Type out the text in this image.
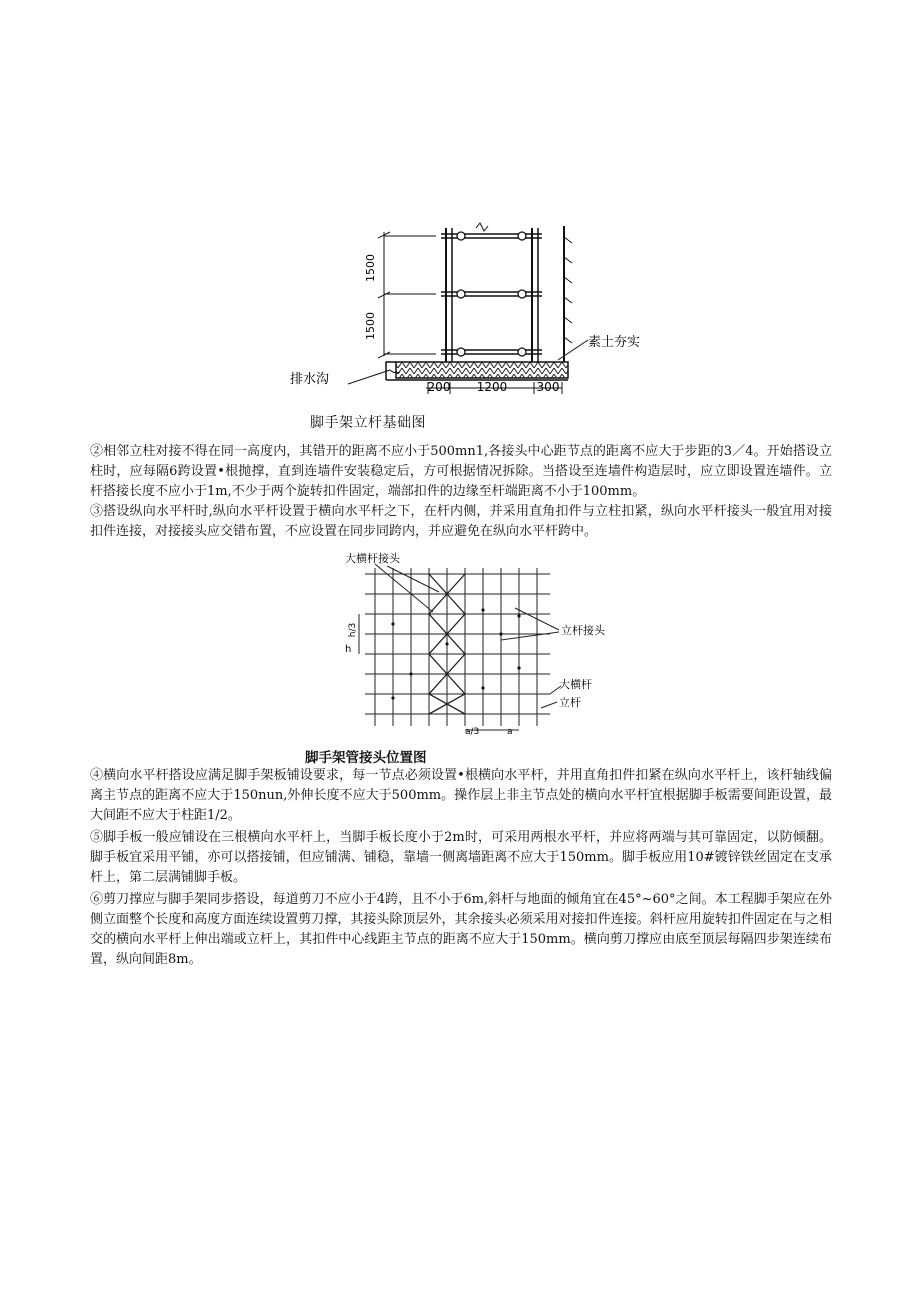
1500
1500
排水沟
素土夯实
200 1200 300
脚手架立杆基础图

②相邻立柱对接不得在同一高度内，其错开的距离不应小于500mn1,各接头中心距节点的距离不应大于步距的3／4。开始搭设立柱时，应每隔6跨设置•根抛撑，直到连墙件安装稳定后，方可根据情况拆除。当搭设至连墙件构造层时，应立即设置连墙件。立杆搭接长度不应小于1m,不少于两个旋转扣件固定，端部扣件的边缘至杆端距离不小于100mm。

③搭设纵向水平杆时,纵向水平杆设置于横向水平杆之下，在杆内侧，并采用直角扣件与立柱扣紧，纵向水平杆接头一般宜用对接扣件连接，对接接头应交错布置，不应设置在同步同跨内，并应避免在纵向水平杆跨中。

大横杆接头
立杆接头
大横杆
立杆
h
h/3
a/3	a
脚手架管接头位置图

④横向水平杆搭设应满足脚手架板铺设要求，每一节点必须设置•根横向水平杆，并用直角扣件扣紧在纵向水平杆上，该杆轴线偏离主节点的距离不应大于150nun,外伸长度不应大于500mm。操作层上非主节点处的横向水平杆宜根据脚手板需要间距设置，最大间距不应大于柱距1/2。

⑤脚手板一般应铺设在三根横向水平杆上，当脚手板长度小于2m时，可采用两根水平杆，并应将两端与其可靠固定，以防倾翻。脚手板宜采用平铺，亦可以搭接铺，但应铺满、铺稳，靠墙一侧离墙距离不应大于150mm。脚手板应用10#镀锌铁丝固定在支承杆上，第二层满铺脚手板。

⑥剪刀撑应与脚手架同步搭设，每道剪刀不应小于4跨，且不小于6m,斜杆与地面的倾角宜在45°~60°之间。本工程脚手架应在外侧立面整个长度和高度方面连续设置剪刀撑，其接头除顶层外，其余接头必须采用对接扣件连接。斜杆应用旋转扣件固定在与之相交的横向水平杆上伸出端或立杆上，其扣件中心线距主节点的距离不应大于150mm。横向剪刀撑应由底至顶层每隔四步架连续布置，纵向间距8m。
